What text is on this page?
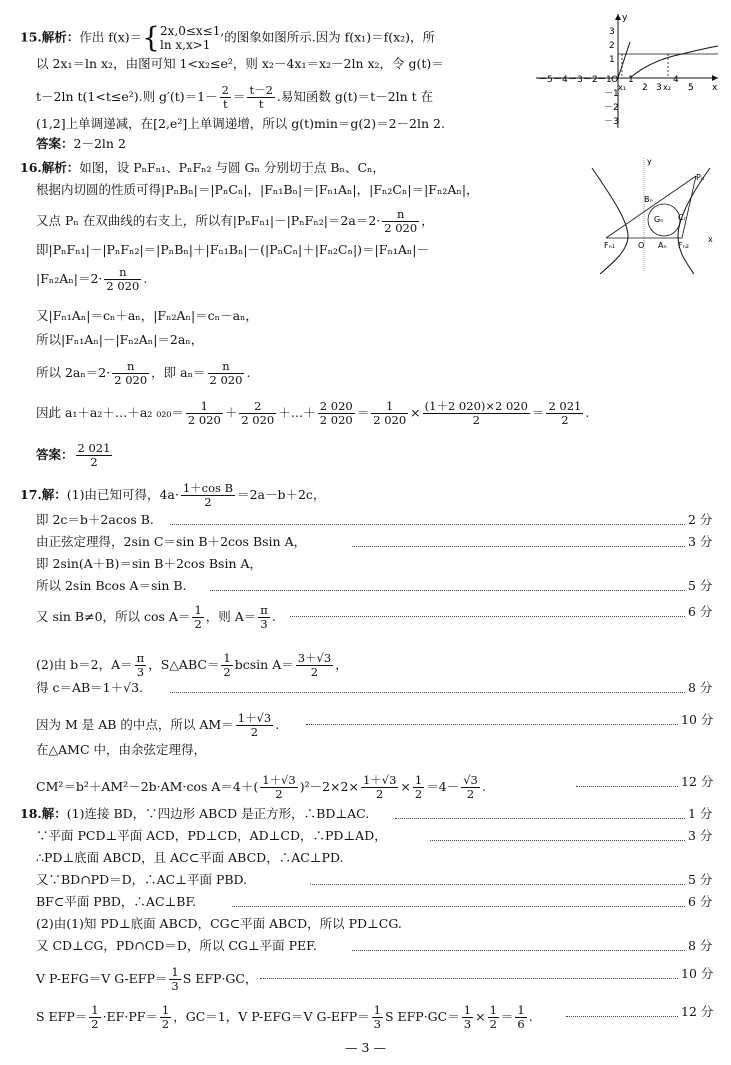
15.解析：作出 f(x)＝{ 2x,0≤x≤1,
ln x,x>1
的图象如图所示.因为 f(x₁)＝f(x₂)，所
以 2x₁＝ln x₂，由图可知 1<x₂≤e²，则 x₂－4x₁＝x₂－2ln x₂，令 g(t)＝
t－2ln t(1<t≤e²).则 $g'(t)=1- \frac{2}{t} = \frac{t-2}{t}$ .易知函数 g(t)＝t－2ln t 在
(1,2]上单调递减，在[2,e²]上单调递增，所以 g(t)min＝g(2)＝2－2ln 2.
答案：2－2ln 2
y
x
3
2
1
－1
－2
－3
－5 －4 －3 －2 －1 O
x₁
1
2 3 x₂
4
5
16.解析：如图，设 PₙFₙ₁、PₙFₙ₂ 与圆 Gₙ 分别切于点 Bₙ、Cₙ，
根据内切圆的性质可得|PₙBₙ|＝|PₙCₙ|，|Fₙ₁Bₙ|＝|Fₙ₁Aₙ|，|Fₙ₂Cₙ|＝|Fₙ₂Aₙ|，
又点 Pₙ 在双曲线的右支上，所以有$|P_nF_{n1}|-|P_nF_{n2}|=2a=2\cdot \frac{n}{2 020}$ ，
即|PₙFₙ₁|－|PₙFₙ₂|＝|PₙBₙ|＋|Fₙ₁Bₙ|－(|PₙCₙ|＋|Fₙ₂Cₙ|)＝|Fₙ₁Aₙ|－
$|F_{n2}A_n|=2\cdot \frac{n}{2 020}$ .
又|Fₙ₁Aₙ|＝cₙ＋aₙ，|Fₙ₂Aₙ|＝cₙ－aₙ，
所以|Fₙ₁Aₙ|－|Fₙ₂Aₙ|＝2aₙ，
所以 $2a_n=2\cdot \frac{n}{2 020}$ ，即 $a_n= \frac{n}{2 020}$ .
因此 a₁＋a₂＋…＋a₂ $_{020}= \frac{1}{2 020} + \frac{2}{2 020}$ ＋…＋ $\frac{2 020}{2 020} = \frac{1}{2 020} \times \frac{(1+2 020)\times 2 020}{2} = \frac{2 021}{2}$ .
答案： $\frac{2 021}{2}$
y
x
Pₙ
Bₙ
Gₙ Cₙ
Fₙ₁	O Aₙ Fₙ₂
17.解：(1)由已知可得，$4a\cdot \frac{\text{1＋cos B}}{2} =2a-b+2c$，
即 2c＝b＋2acos B.	2 分
由正弦定理得，2sin C＝sin B＋2cos Bsin A，	3 分
即 2sin(A＋B)＝sin B＋2cos Bsin A，
所以 2sin Bcos A＝sin B.	5 分
又 sin B≠0，所以 $\cos A= \frac{1}{2}$ ，则 $A= \frac{\pi}{3}$ .	6 分
(2)由 b＝2，$A= \frac{\pi}{3}$ ，S△ABC＝ $\frac{1}{2}$ bcsin $A= \frac{3+√3}{2}$ ，
得 c＝AB＝1＋√3.	8 分
因为 M 是 AB 的中点，所以 $AM= \frac{1+√3}{2}$ .	10 分
在△AMC 中，由余弦定理得，
CM²＝b²＋AM²－2b·AM·cos $A=4+( \frac{1+√3}{2} )^2-2\times 2\times \frac{1+√3}{2} \times \frac{1}{2} =4- \frac{√3}{2}$ .	12 分
18.解：(1)连接 BD，∵四边形 ABCD 是正方形，∴BD⊥AC.	1 分
∵平面 PCD⊥平面 ACD，PD⊥CD，AD⊥CD，∴PD⊥AD，	3 分
∴PD⊥底面 ABCD，且 AC⊂平面 ABCD，∴AC⊥PD.
又∵BD∩PD＝D，∴AC⊥平面 PBD.	5 分
BF⊂平面 PBD，∴AC⊥BF.	6 分
(2)由(1)知 PD⊥底面 ABCD，CG⊂平面 ABCD，所以 PD⊥CG.
又 CD⊥CG，PD∩CD＝D，所以 CG⊥平面 PEF.	8 分
V P-EFG＝V $G-EFP= \frac{1}{3}$ S EFP·GC，	10 分
S $EFP= \frac{1}{2} \cdot EF\cdot PF= \frac{1}{2}$ ，GC＝1，V P-EFG＝V $G-EFP= \frac{1}{3}$ S $EFP\cdot GC= \frac{1}{3} \times \frac{1}{2} = \frac{1}{6}$ .	12 分
— 3 —
